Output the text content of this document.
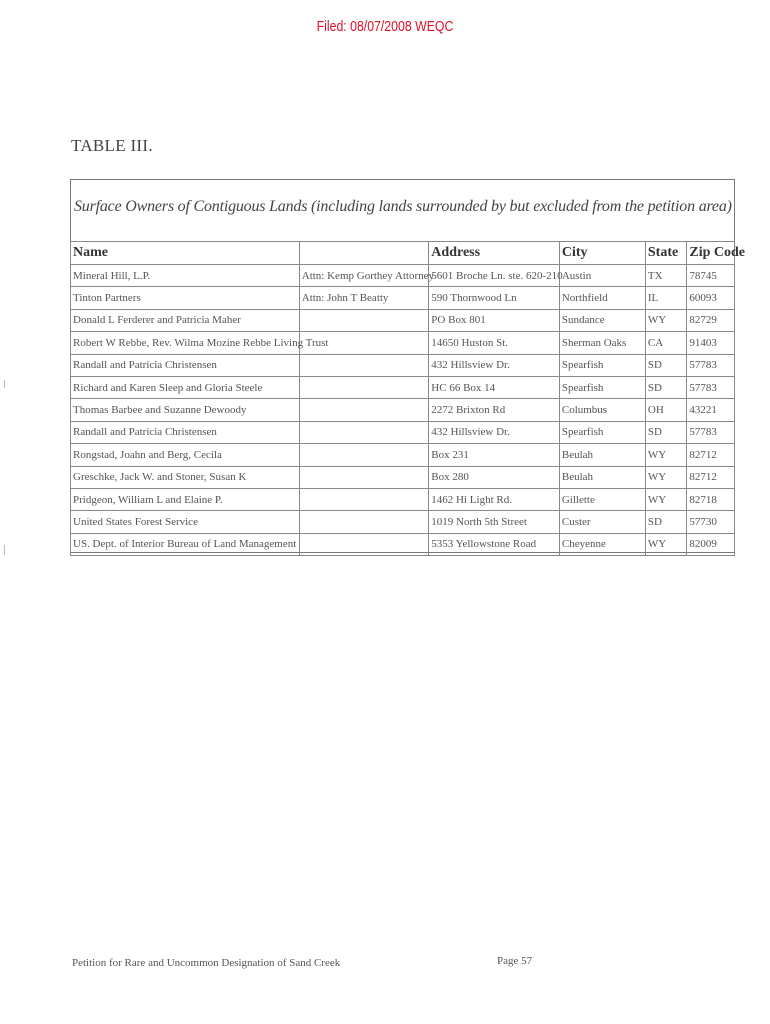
Filed: 08/07/2008 WEQC
TABLE III.
Surface Owners of Contiguous Lands (including lands surrounded by but excluded from the petition area)
Name		Address	City	State	Zip Code
Mineral Hill, L.P.	Attn: Kemp Gorthey Attorney	5601 Broche Ln. ste. 620-210	Austin	TX	78745
Tinton Partners	Attn: John T Beatty	590 Thornwood Ln	Northfield	IL	60093
Donald L Ferderer and Patricia Maher		PO Box 801	Sundance	WY	82729
Robert W Rebbe, Rev. Wilma Mozine Rebbe Living Trust		14650 Huston St.	Sherman Oaks	CA	91403
Randall and Patricia Christensen		432 Hillsview Dr.	Spearfish	SD	57783
Richard and Karen Sleep and Gloria Steele		HC 66 Box 14	Spearfish	SD	57783
Thomas Barbee and Suzanne Dewoody		2272 Brixton Rd	Columbus	OH	43221
Randall and Patricia Christensen		432 Hillsview Dr.	Spearfish	SD	57783
Rongstad, Joahn and Berg, Cecila		Box 231	Beulah	WY	82712
Greschke, Jack W. and Stoner, Susan K		Box 280	Beulah	WY	82712
Pridgeon, William L and Elaine P.		1462 Hi Light Rd.	Gillette	WY	82718
United States Forest Service		1019 North 5th Street	Custer	SD	57730
US. Dept. of Interior Bureau of Land Management		5353 Yellowstone Road	Cheyenne	WY	82009
Petition for Rare and Uncommon Designation of Sand Creek	Page 57
